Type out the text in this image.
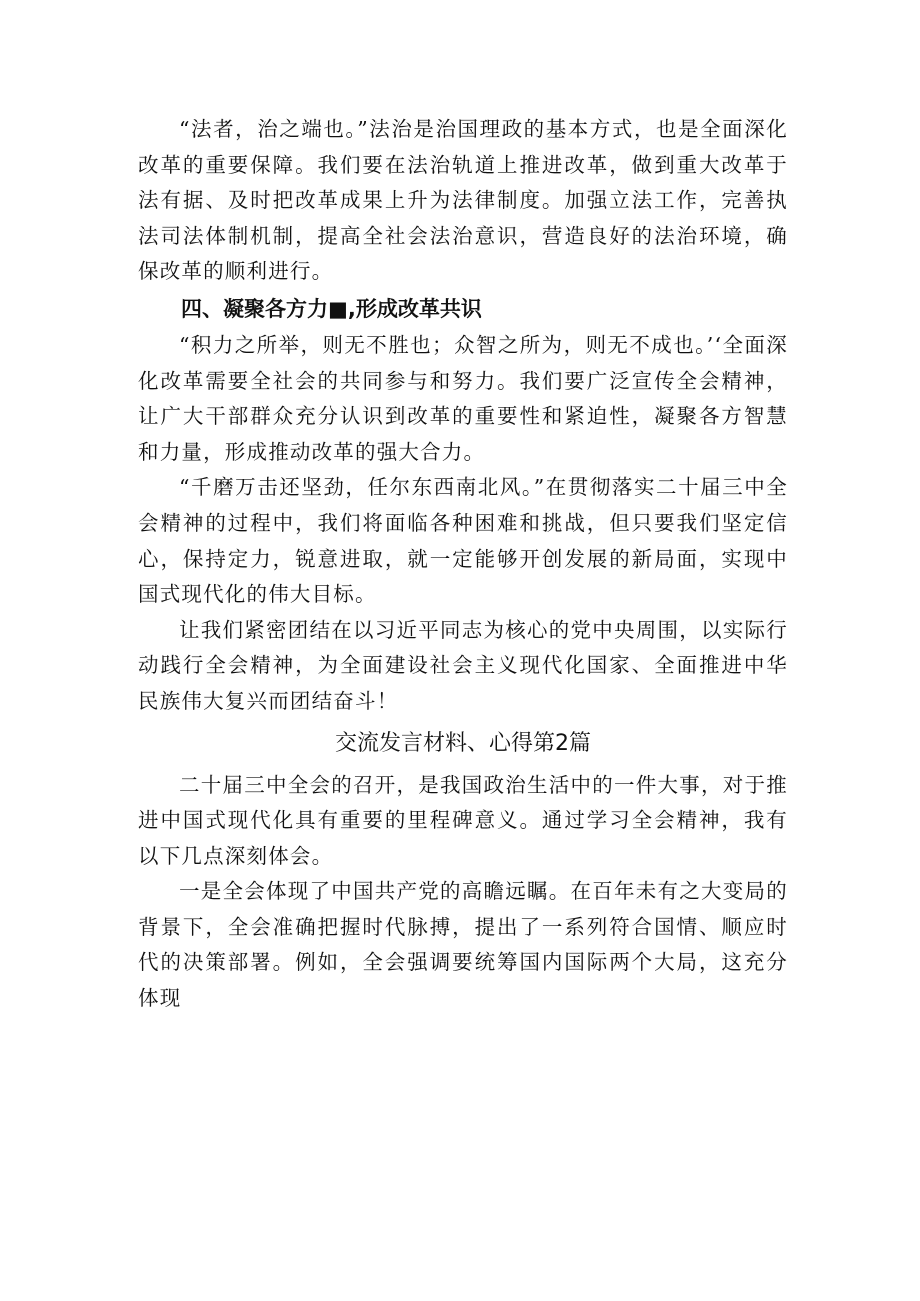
“法者，治之端也。”法治是治国理政的基本方式，也是全面深化改革的重要保障。我们要在法治轨道上推进改革，做到重大改革于法有据、及时把改革成果上升为法律制度。加强立法工作，完善执法司法体制机制，提高全社会法治意识，营造良好的法治环境，确保改革的顺利进行。

四、凝聚各方力■,形成改革共识

“积力之所举，则无不胜也；众智之所为，则无不成也。’‘全面深化改革需要全社会的共同参与和努力。我们要广泛宣传全会精神，让广大干部群众充分认识到改革的重要性和紧迫性，凝聚各方智慧和力量，形成推动改革的强大合力。

“千磨万击还坚劲，任尔东西南北风。”在贯彻落实二十届三中全会精神的过程中，我们将面临各种困难和挑战，但只要我们坚定信心，保持定力，锐意进取，就一定能够开创发展的新局面，实现中国式现代化的伟大目标。

让我们紧密团结在以习近平同志为核心的党中央周围，以实际行动践行全会精神，为全面建设社会主义现代化国家、全面推进中华民族伟大复兴而团结奋斗！

交流发言材料、心得第2篇

二十届三中全会的召开，是我国政治生活中的一件大事，对于推进中国式现代化具有重要的里程碑意义。通过学习全会精神，我有以下几点深刻体会。

一是全会体现了中国共产党的高瞻远瞩。在百年未有之大变局的背景下，全会准确把握时代脉搏，提出了一系列符合国情、顺应时代的决策部署。例如，全会强调要统筹国内国际两个大局，这充分体现
